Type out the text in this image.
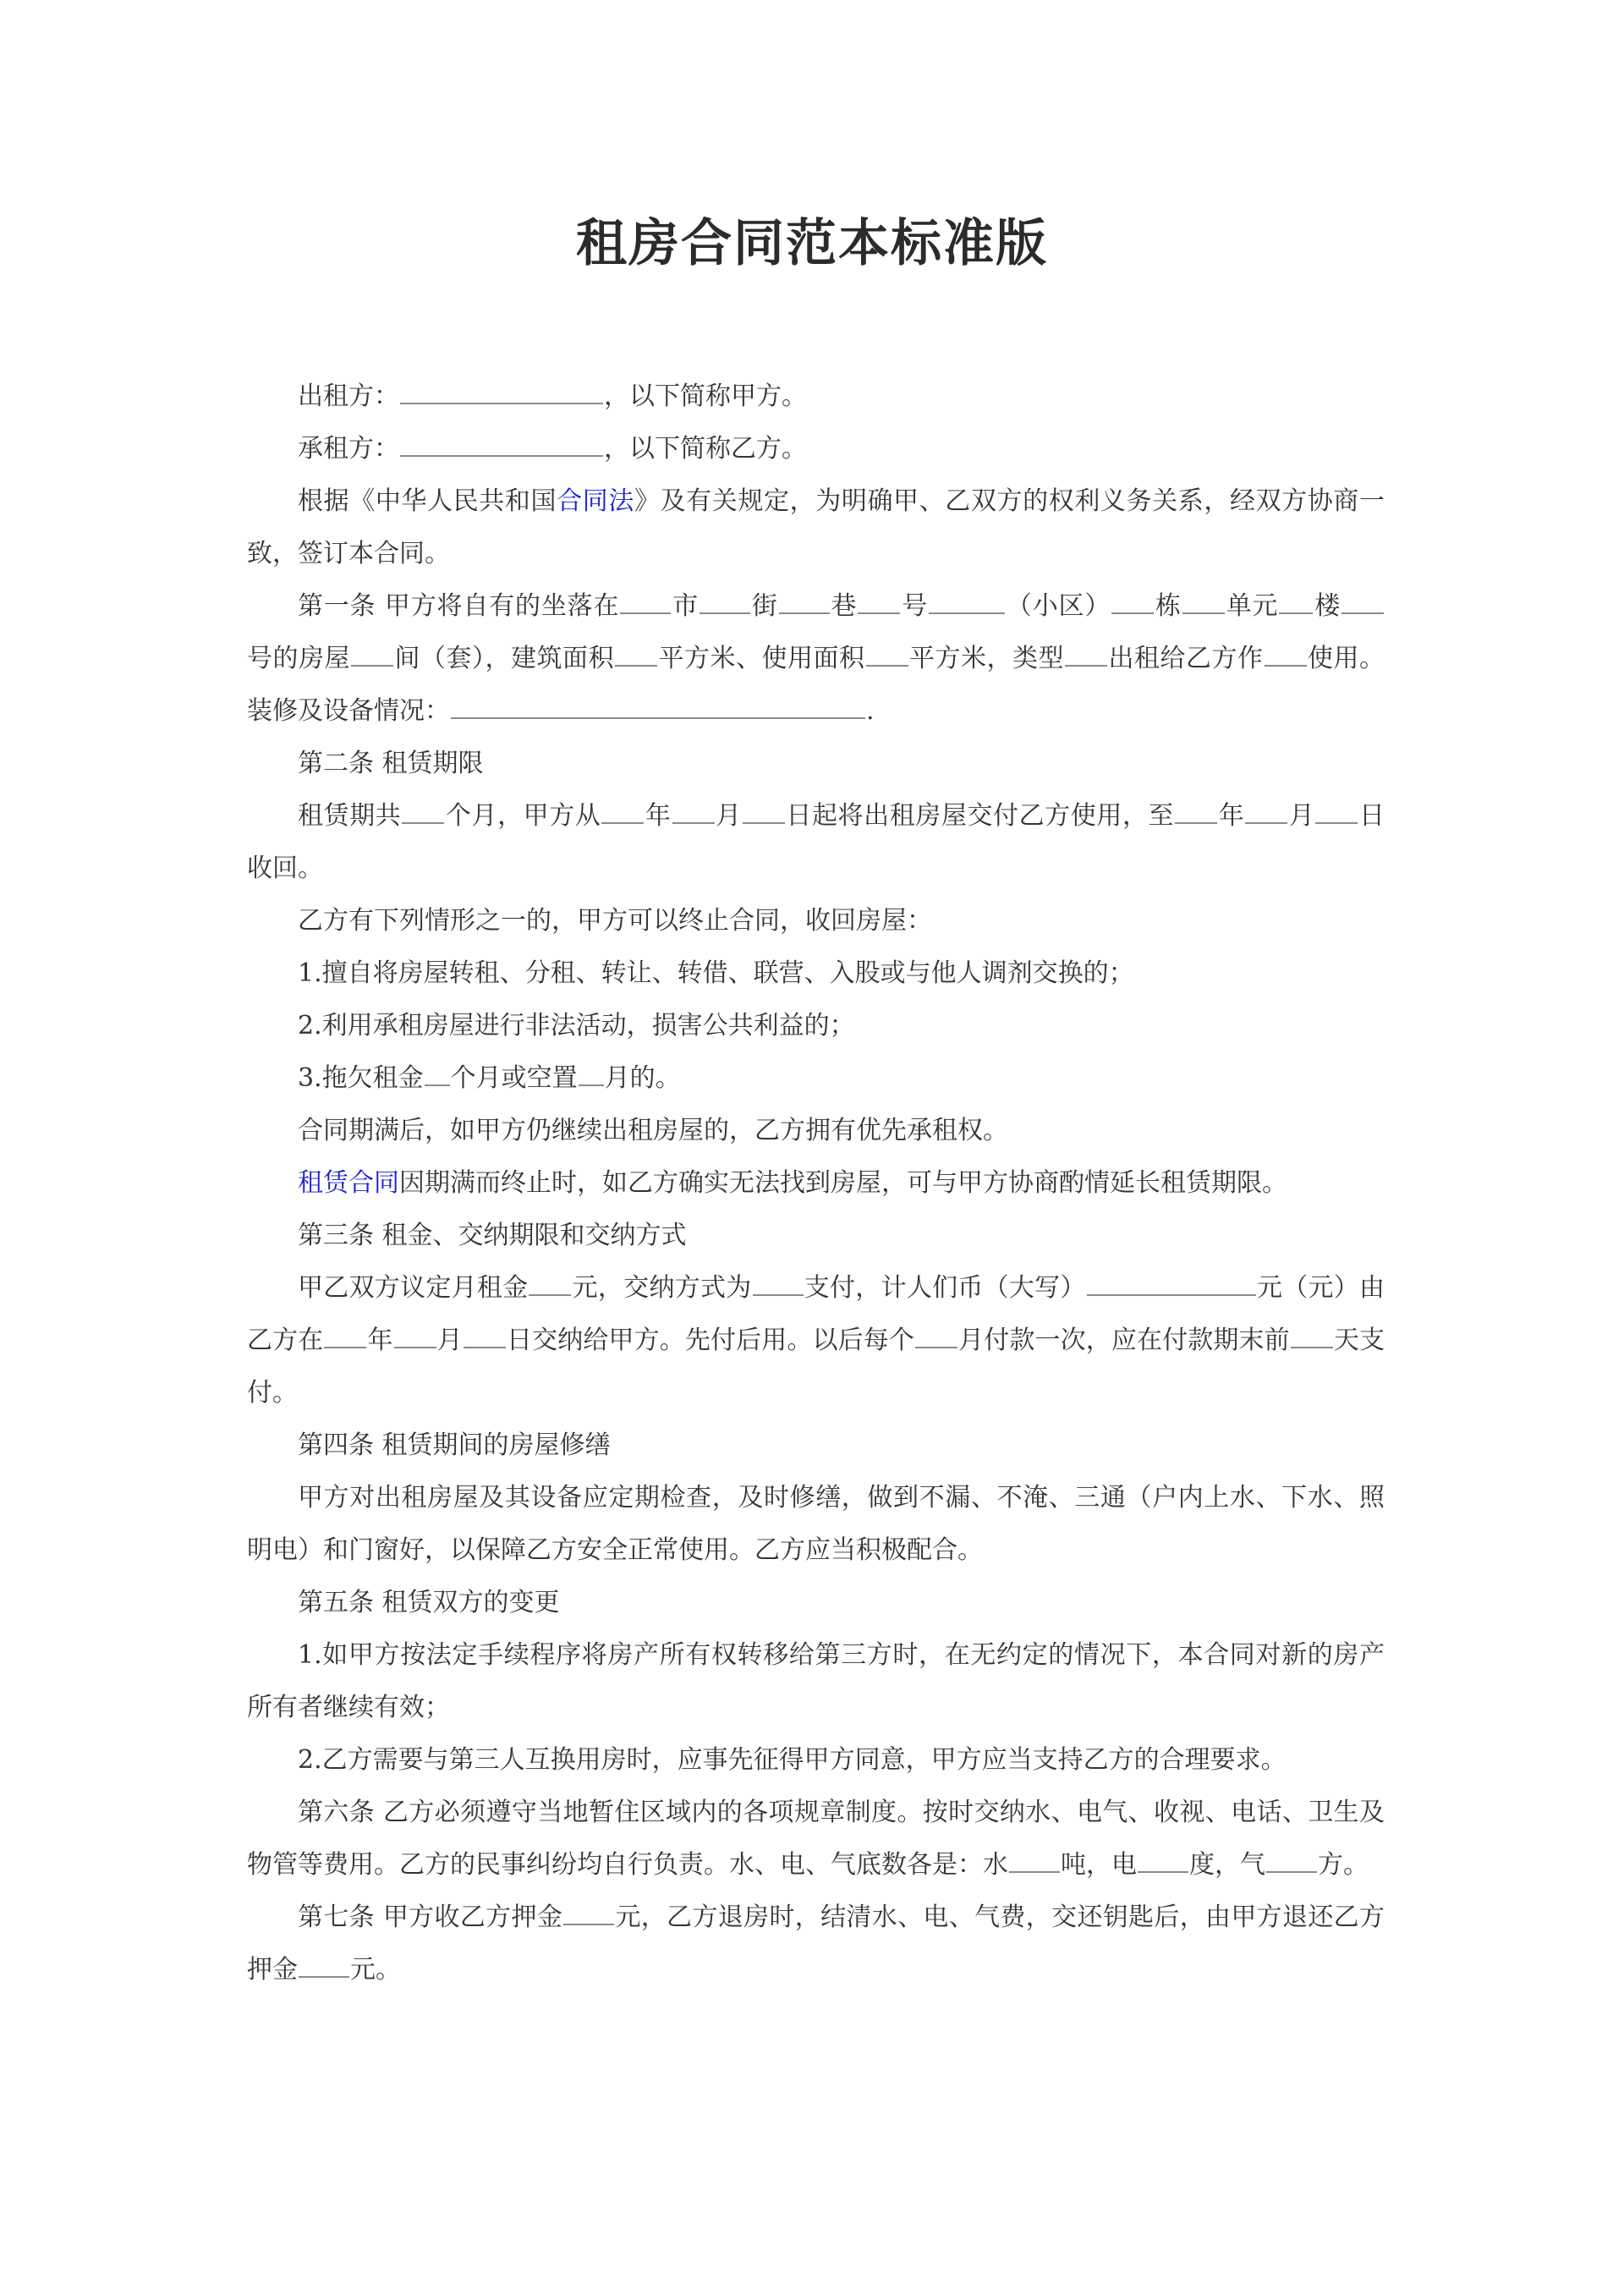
租房合同范本标准版

出租方：	，以下简称甲方。

承租方：	，以下简称乙方。

根据《中华人民共和国合同法》及有关规定，为明确甲、乙双方的权利义务关系，经双方协商一致，签订本合同。

第一条 甲方将自有的坐落在 市 街 巷 号	（小区） 栋 单元 楼号的房屋 间（套），建筑面积 平方米、使用面积 平方米，类型 出租给乙方作 使用。装修及设备情况：	.

第二条 租赁期限

租赁期共 个月，甲方从 年 月 日起将出租房屋交付乙方使用，至 年 月 日收回。

乙方有下列情形之一的，甲方可以终止合同，收回房屋：

1.擅自将房屋转租、分租、转让、转借、联营、入股或与他人调剂交换的；

2.利用承租房屋进行非法活动，损害公共利益的；

3.拖欠租金 个月或空置 月的。

合同期满后，如甲方仍继续出租房屋的，乙方拥有优先承租权。

租赁合同因期满而终止时，如乙方确实无法找到房屋，可与甲方协商酌情延长租赁期限。

第三条 租金、交纳期限和交纳方式

甲乙双方议定月租金 元，交纳方式为 支付，计人们币（大写）	元（元）由乙方在 年 月 日交纳给甲方。先付后用。以后每个 月付款一次，应在付款期末前 天支付。

第四条 租赁期间的房屋修缮

甲方对出租房屋及其设备应定期检查，及时修缮，做到不漏、不淹、三通（户内上水、下水、照明电）和门窗好，以保障乙方安全正常使用。乙方应当积极配合。

第五条 租赁双方的变更

1.如甲方按法定手续程序将房产所有权转移给第三方时，在无约定的情况下，本合同对新的房产所有者继续有效；

2.乙方需要与第三人互换用房时，应事先征得甲方同意，甲方应当支持乙方的合理要求。

第六条 乙方必须遵守当地暂住区域内的各项规章制度。按时交纳水、电气、收视、电话、卫生及物管等费用。乙方的民事纠纷均自行负责。水、电、气底数各是：水 吨，电 度，气 方。

第七条 甲方收乙方押金 元，乙方退房时，结清水、电、气费，交还钥匙后，由甲方退还乙方押金 元。
